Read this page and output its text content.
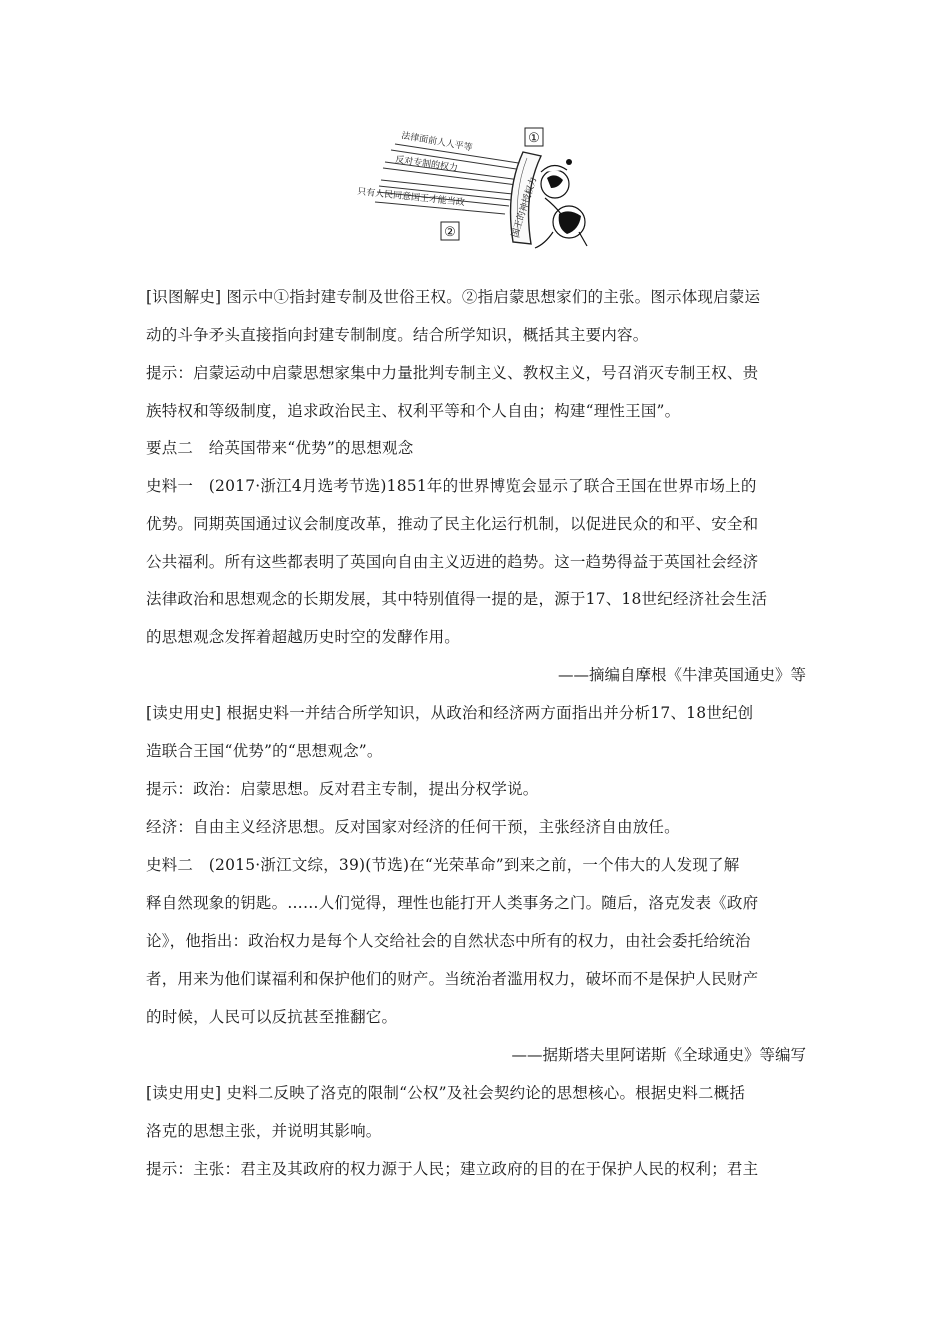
①
②
法律面前人人平等
反对专制的权力
只有人民同意国王才能当政	国王的神授权力
[识图解史] 图示中①指封建专制及世俗王权。②指启蒙思想家们的主张。图示体现启蒙运
动的斗争矛头直接指向封建专制制度。结合所学知识，概括其主要内容。
提示：启蒙运动中启蒙思想家集中力量批判专制主义、教权主义，号召消灭专制王权、贵
族特权和等级制度，追求政治民主、权利平等和个人自由；构建“理性王国”。
要点二　给英国带来“优势”的思想观念
史料一　(2017·浙江4月选考节选)1851年的世界博览会显示了联合王国在世界市场上的
优势。同期英国通过议会制度改革，推动了民主化运行机制，以促进民众的和平、安全和
公共福利。所有这些都表明了英国向自由主义迈进的趋势。这一趋势得益于英国社会经济
法律政治和思想观念的长期发展，其中特别值得一提的是，源于17、18世纪经济社会生活
的思想观念发挥着超越历史时空的发酵作用。
——摘编自摩根《牛津英国通史》等
[读史用史] 根据史料一并结合所学知识，从政治和经济两方面指出并分析17、18世纪创
造联合王国“优势”的“思想观念”。
提示：政治：启蒙思想。反对君主专制，提出分权学说。
经济：自由主义经济思想。反对国家对经济的任何干预，主张经济自由放任。
史料二　(2015·浙江文综，39)(节选)在“光荣革命”到来之前，一个伟大的人发现了解
释自然现象的钥匙。……人们觉得，理性也能打开人类事务之门。随后，洛克发表《政府
论》，他指出：政治权力是每个人交给社会的自然状态中所有的权力，由社会委托给统治
者，用来为他们谋福利和保护他们的财产。当统治者滥用权力，破坏而不是保护人民财产
的时候，人民可以反抗甚至推翻它。
——据斯塔夫里阿诺斯《全球通史》等编写
[读史用史] 史料二反映了洛克的限制“公权”及社会契约论的思想核心。根据史料二概括
洛克的思想主张，并说明其影响。
提示：主张：君主及其政府的权力源于人民；建立政府的目的在于保护人民的权利；君主
